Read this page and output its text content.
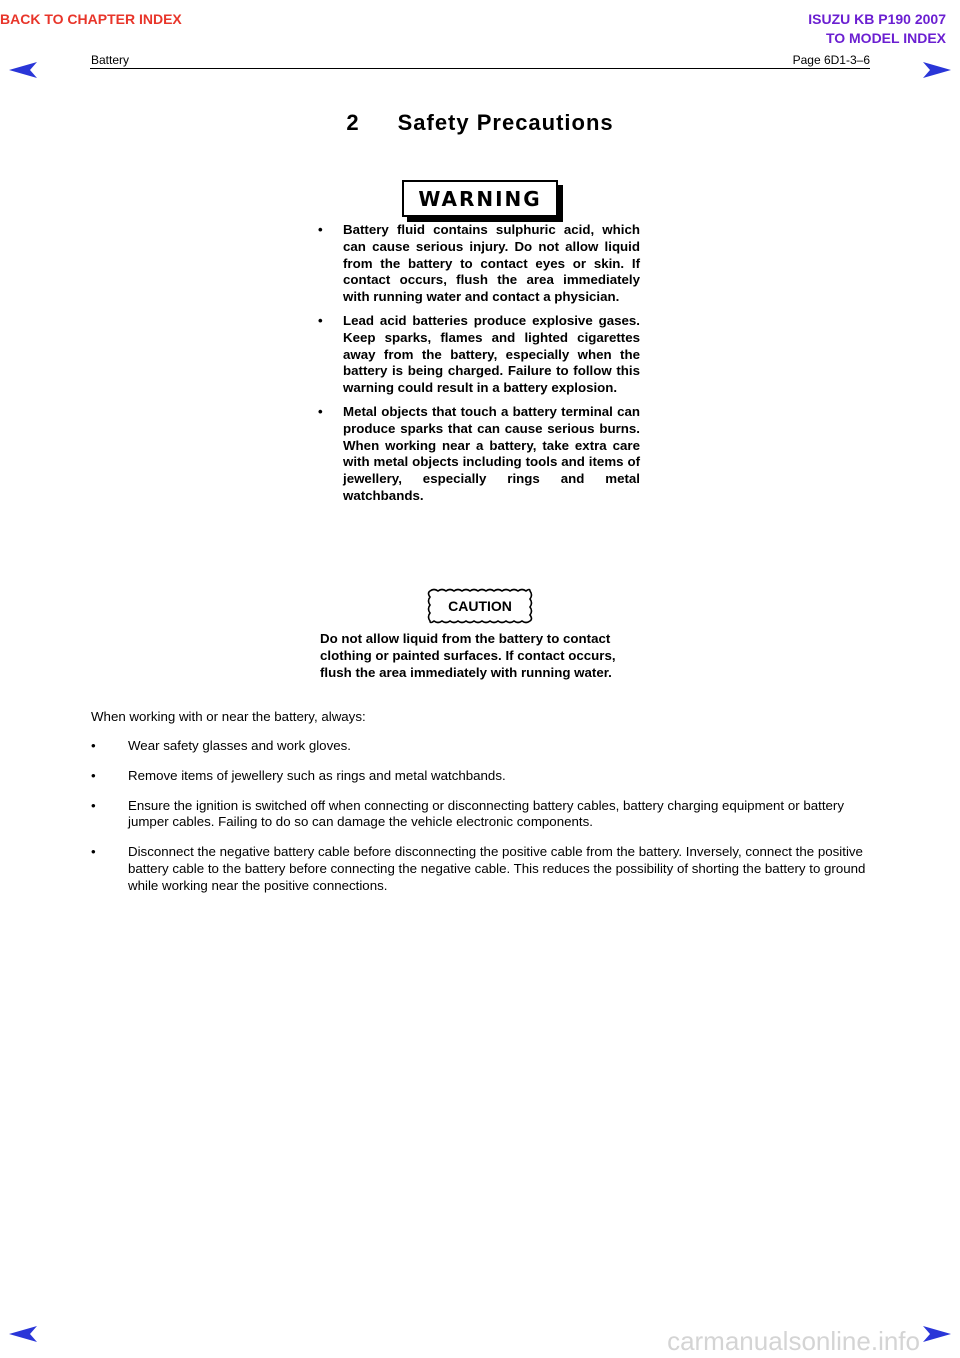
BACK TO CHAPTER INDEX	ISUZU KB P190 2007
TO MODEL INDEX
Battery	Page 6D1-3–6
2 Safety Precautions
WARNING
• Battery fluid contains sulphuric acid, which can cause serious injury. Do not allow liquid from the battery to contact eyes or skin. If contact occurs, flush the area immediately with running water and contact a physician.
• Lead acid batteries produce explosive gases. Keep sparks, flames and lighted cigarettes away from the battery, especially when the battery is being charged. Failure to follow this warning could result in a battery explosion.
• Metal objects that touch a battery terminal can produce sparks that can cause serious burns. When working near a battery, take extra care with metal objects including tools and items of jewellery, especially rings and metal watchbands.
CAUTION
Do not allow liquid from the battery to contact clothing or painted surfaces. If contact occurs, flush the area immediately with running water.
When working with or near the battery, always:
• Wear safety glasses and work gloves.
• Remove items of jewellery such as rings and metal watchbands.
• Ensure the ignition is switched off when connecting or disconnecting battery cables, battery charging equipment or battery jumper cables. Failing to do so can damage the vehicle electronic components.
• Disconnect the negative battery cable before disconnecting the positive cable from the battery. Inversely, connect the positive battery cable to the battery before connecting the negative cable. This reduces the possibility of shorting the battery to ground while working near the positive connections.
carmanualsonline.info
